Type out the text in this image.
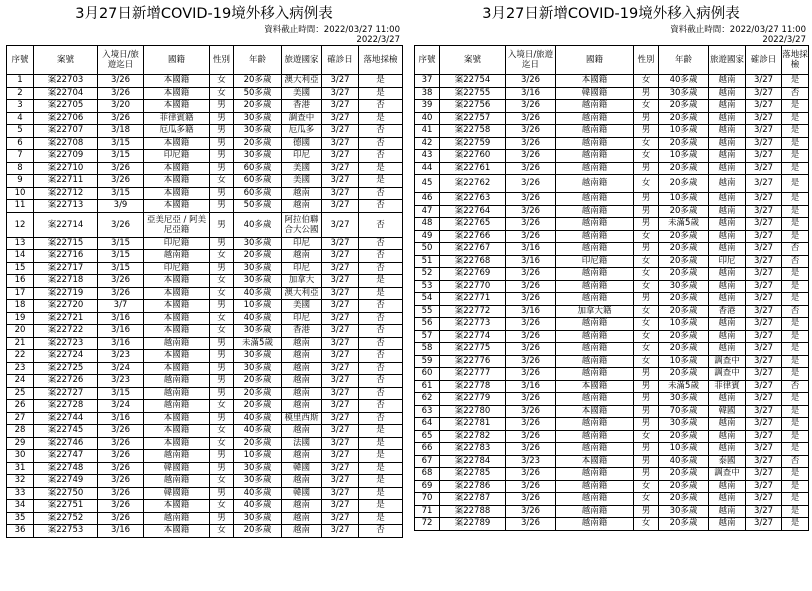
3月27日新增COVID-19境外移入病例表
資料截止時間：2022/03/27 11:00
2022/3/27
序號	案號	入境日/旅遊迄日	國籍	性別	年齡	旅遊國家	確診日	落地採檢
1	案22703	3/26	本國籍	女	20多歲	澳大利亞	3/27	是
2	案22704	3/26	本國籍	女	50多歲	美國	3/27	是
3	案22705	3/20	本國籍	男	20多歲	香港	3/27	否
4	案22706	3/26	菲律賓籍	男	30多歲	調查中	3/27	是
5	案22707	3/18	厄瓜多籍	男	30多歲	厄瓜多	3/27	否
6	案22708	3/15	本國籍	男	20多歲	德國	3/27	否
7	案22709	3/15	印尼籍	男	30多歲	印尼	3/27	否
8	案22710	3/26	本國籍	男	60多歲	美國	3/27	是
9	案22711	3/26	本國籍	女	60多歲	美國	3/27	是
10	案22712	3/15	本國籍	男	60多歲	越南	3/27	否
11	案22713	3/9	本國籍	男	50多歲	越南	3/27	否
12	案22714	3/26	亞美尼亞 / 阿美尼亞籍	男	40多歲	阿拉伯聯合大公國	3/27	否
13	案22715	3/15	印尼籍	男	30多歲	印尼	3/27	否
14	案22716	3/15	越南籍	女	20多歲	越南	3/27	否
15	案22717	3/15	印尼籍	男	30多歲	印尼	3/27	否
16	案22718	3/26	本國籍	女	30多歲	加拿大	3/27	是
17	案22719	3/26	本國籍	女	40多歲	澳大利亞	3/27	是
18	案22720	3/7	本國籍	男	10多歲	美國	3/27	否
19	案22721	3/16	本國籍	女	40多歲	印尼	3/27	否
20	案22722	3/16	本國籍	女	30多歲	香港	3/27	否
21	案22723	3/16	越南籍	男	未滿5歲	越南	3/27	否
22	案22724	3/23	本國籍	男	30多歲	越南	3/27	否
23	案22725	3/24	本國籍	男	30多歲	越南	3/27	否
24	案22726	3/23	越南籍	男	20多歲	越南	3/27	否
25	案22727	3/15	越南籍	男	20多歲	越南	3/27	否
26	案22728	3/24	越南籍	女	20多歲	越南	3/27	否
27	案22744	3/16	本國籍	男	40多歲	模里西斯	3/27	否
28	案22745	3/26	本國籍	女	40多歲	越南	3/27	是
29	案22746	3/26	本國籍	女	20多歲	法國	3/27	是
30	案22747	3/26	越南籍	男	10多歲	越南	3/27	是
31	案22748	3/26	韓國籍	男	30多歲	韓國	3/27	是
32	案22749	3/26	越南籍	女	30多歲	越南	3/27	是
33	案22750	3/26	韓國籍	男	40多歲	韓國	3/27	是
34	案22751	3/26	本國籍	女	40多歲	越南	3/27	是
35	案22752	3/26	越南籍	男	30多歲	越南	3/27	是
36	案22753	3/16	本國籍	女	20多歲	越南	3/27	否
3月27日新增COVID-19境外移入病例表
資料截止時間：2022/03/27 11:00
2022/3/27
序號	案號	入境日/旅遊迄日	國籍	性別	年齡	旅遊國家	確診日	落地採檢
37	案22754	3/26	本國籍	女	40多歲	越南	3/27	是
38	案22755	3/16	韓國籍	男	30多歲	越南	3/27	否
39	案22756	3/26	越南籍	女	20多歲	越南	3/27	是
40	案22757	3/26	越南籍	男	20多歲	越南	3/27	是
41	案22758	3/26	越南籍	男	10多歲	越南	3/27	是
42	案22759	3/26	越南籍	女	20多歲	越南	3/27	是
43	案22760	3/26	越南籍	女	10多歲	越南	3/27	是
44	案22761	3/26	越南籍	男	20多歲	越南	3/27	是
45	案22762	3/26	越南籍	女	20多歲	越南	3/27	是
46	案22763	3/26	越南籍	男	10多歲	越南	3/27	是
47	案22764	3/26	越南籍	男	20多歲	越南	3/27	是
48	案22765	3/26	越南籍	男	未滿5歲	越南	3/27	是
49	案22766	3/26	越南籍	女	20多歲	越南	3/27	是
50	案22767	3/16	越南籍	男	20多歲	越南	3/27	否
51	案22768	3/16	印尼籍	女	20多歲	印尼	3/27	否
52	案22769	3/26	越南籍	女	20多歲	越南	3/27	是
53	案22770	3/26	越南籍	女	30多歲	越南	3/27	是
54	案22771	3/26	越南籍	男	20多歲	越南	3/27	是
55	案22772	3/16	加拿大籍	女	20多歲	香港	3/27	否
56	案22773	3/26	越南籍	女	10多歲	越南	3/27	是
57	案22774	3/26	越南籍	女	20多歲	越南	3/27	是
58	案22775	3/26	越南籍	女	20多歲	越南	3/27	是
59	案22776	3/26	越南籍	女	10多歲	調查中	3/27	是
60	案22777	3/26	越南籍	男	20多歲	調查中	3/27	是
61	案22778	3/16	本國籍	男	未滿5歲	菲律賓	3/27	否
62	案22779	3/26	越南籍	男	30多歲	越南	3/27	是
63	案22780	3/26	本國籍	男	70多歲	韓國	3/27	是
64	案22781	3/26	越南籍	男	30多歲	越南	3/27	是
65	案22782	3/26	越南籍	女	20多歲	越南	3/27	是
66	案22783	3/26	越南籍	男	10多歲	越南	3/27	是
67	案22784	3/23	本國籍	男	40多歲	泰國	3/27	否
68	案22785	3/26	越南籍	男	20多歲	調查中	3/27	是
69	案22786	3/26	越南籍	女	20多歲	越南	3/27	是
70	案22787	3/26	越南籍	女	20多歲	越南	3/27	是
71	案22788	3/26	越南籍	男	30多歲	越南	3/27	是
72	案22789	3/26	越南籍	女	20多歲	越南	3/27	是
